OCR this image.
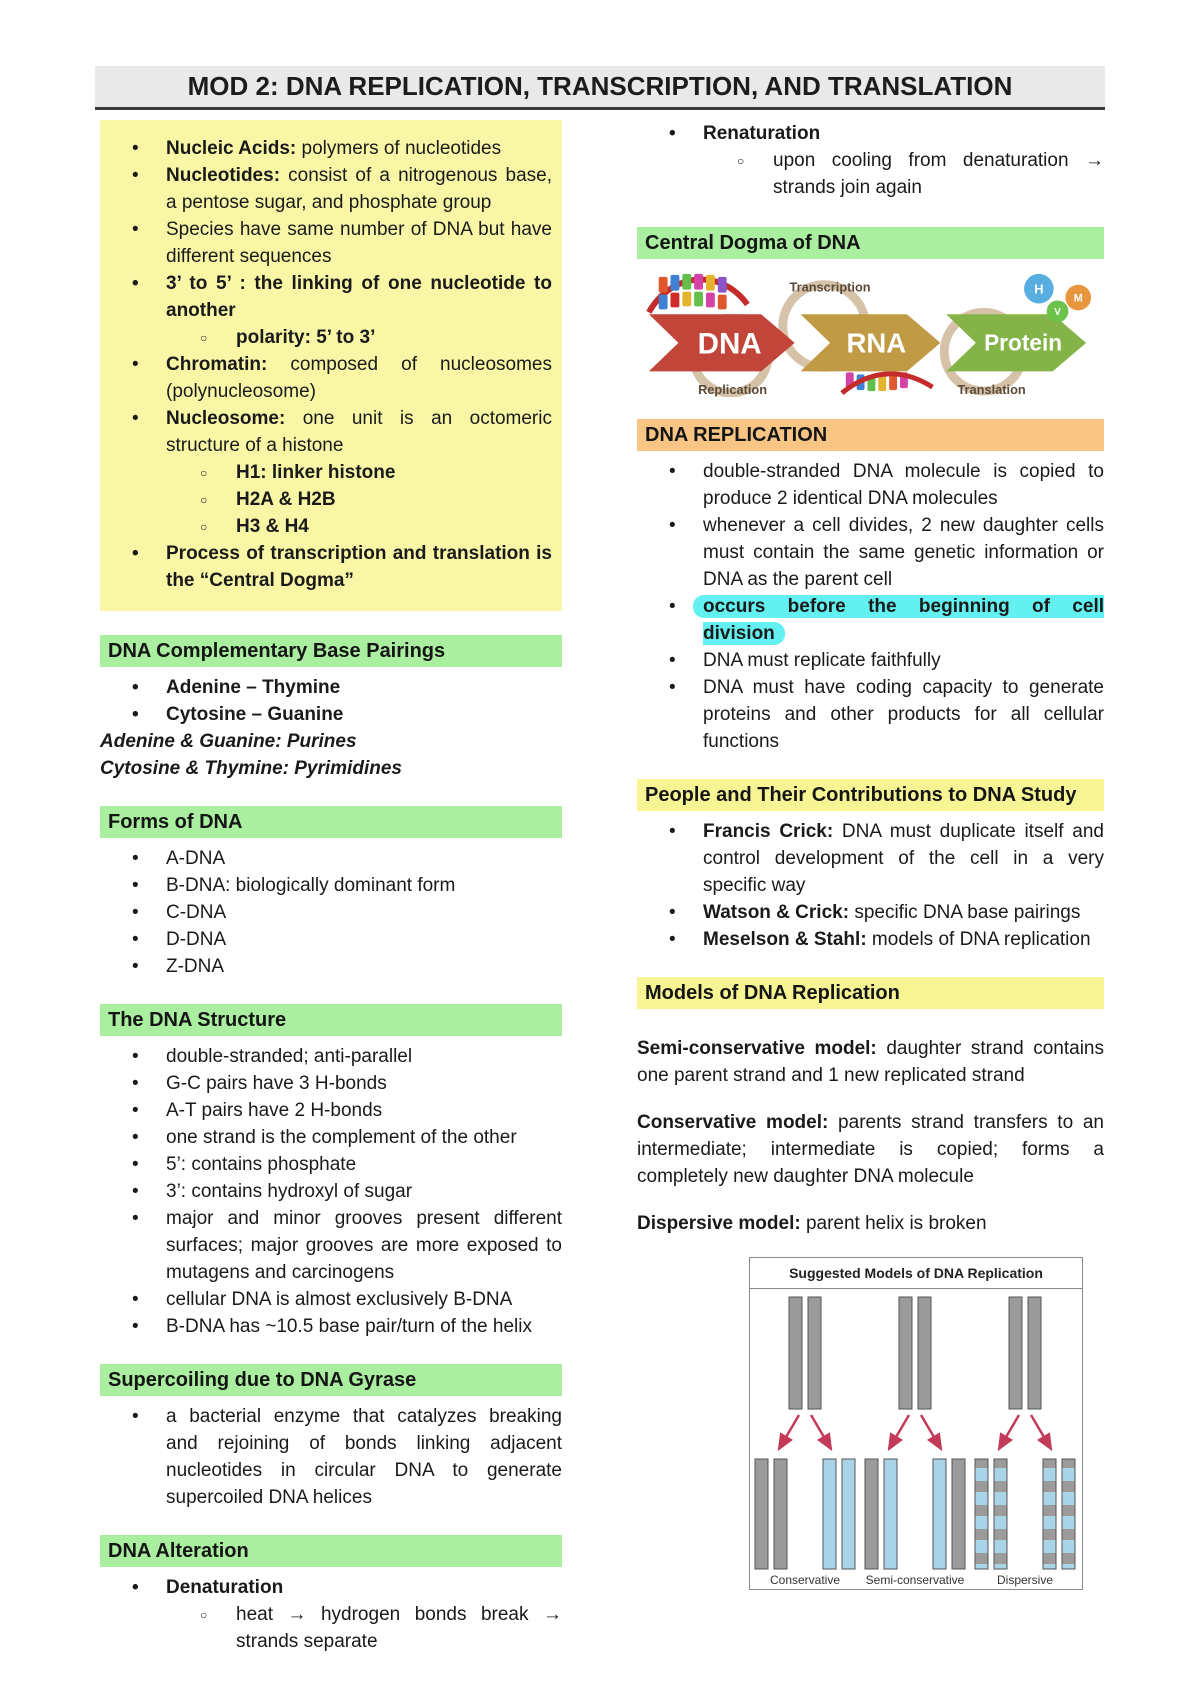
MOD 2: DNA REPLICATION, TRANSCRIPTION, AND TRANSLATION
• Nucleic Acids: polymers of nucleotides
• Nucleotides: consist of a nitrogenous base, a pentose sugar, and phosphate group
• Species have same number of DNA but have different sequences
• 3’ to 5’ : the linking of one nucleotide to another
○ polarity: 5’ to 3’
• Chromatin: composed of nucleosomes (polynucleosome)
• Nucleosome: one unit is an octomeric structure of a histone
○ H1: linker histone
○ H2A & H2B
○ H3 & H4
• Process of transcription and translation is the “Central Dogma”
DNA Complementary Base Pairings
• Adenine – Thymine
• Cytosine – Guanine
Adenine & Guanine: Purines
Cytosine & Thymine: Pyrimidines
Forms of DNA
• A-DNA
• B-DNA: biologically dominant form
• C-DNA
• D-DNA
• Z-DNA
The DNA Structure
• double-stranded; anti-parallel
• G-C pairs have 3 H-bonds
• A-T pairs have 2 H-bonds
• one strand is the complement of the other
• 5’: contains phosphate
• 3’: contains hydroxyl of sugar
• major and minor grooves present different surfaces; major grooves are more exposed to mutagens and carcinogens
• cellular DNA is almost exclusively B-DNA
• B-DNA has ~10.5 base pair/turn of the helix
Supercoiling due to DNA Gyrase
• a bacterial enzyme that catalyzes breaking and rejoining of bonds linking adjacent nucleotides in circular DNA to generate supercoiled DNA helices
DNA Alteration
• Denaturation
○ heat → hydrogen bonds break → strands separate
• Renaturation
○ upon cooling from denaturation → strands join again
Central Dogma of DNA
DNA	RNA	Protein
Transcription
Replication	Translation
H
M
V
DNA REPLICATION
• double-stranded DNA molecule is copied to produce 2 identical DNA molecules
• whenever a cell divides, 2 new daughter cells must contain the same genetic information or DNA as the parent cell
• occurs before the beginning of cell division
• DNA must replicate faithfully
• DNA must have coding capacity to generate proteins and other products for all cellular functions
People and Their Contributions to DNA Study
• Francis Crick: DNA must duplicate itself and control development of the cell in a very specific way
• Watson & Crick: specific DNA base pairings
• Meselson & Stahl: models of DNA replication
Models of DNA Replication

Semi-conservative model: daughter strand contains one parent strand and 1 new replicated strand

Conservative model: parents strand transfers to an intermediate; intermediate is copied; forms a completely new daughter DNA molecule

Dispersive model: parent helix is broken

Suggested Models of DNA Replication
Conservative Semi-conservative	Dispersive
